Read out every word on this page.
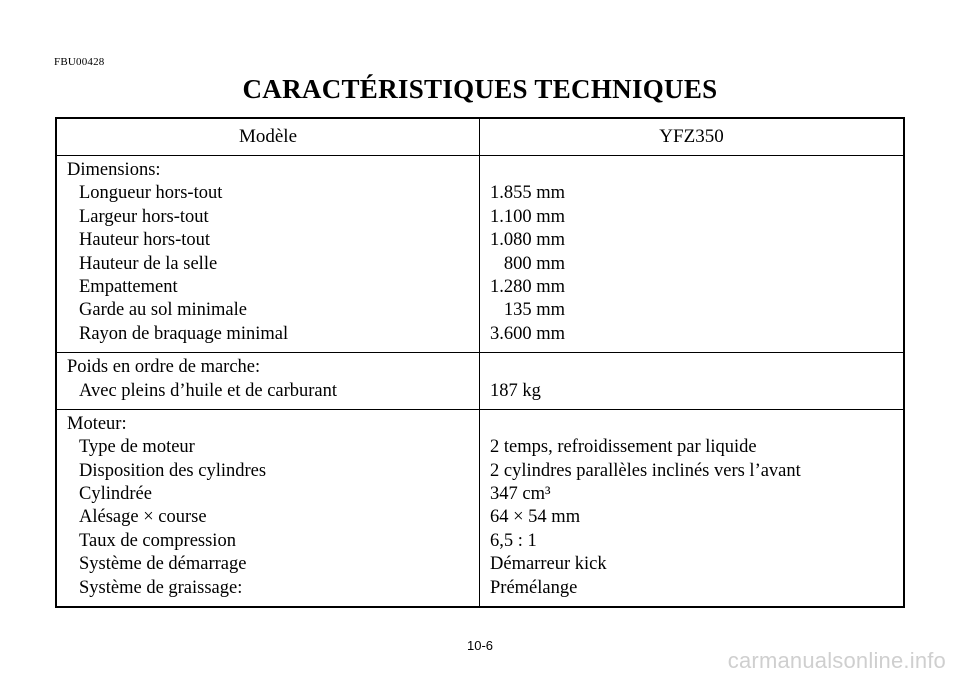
FBU00428
CARACTÉRISTIQUES TECHNIQUES
Modèle	YFZ350
Dimensions:
Longueur hors-tout
Largeur hors-tout
Hauteur hors-tout
Hauteur de la selle
Empattement
Garde au sol minimale
Rayon de braquage minimal
1.855 mm
1.100 mm
1.080 mm
800 mm
1.280 mm
135 mm
3.600 mm
Poids en ordre de marche:
Avec pleins d’huile et de carburant	187 kg
Moteur:
Type de moteur
Disposition des cylindres
Cylindrée
Alésage × course
Taux de compression
Système de démarrage
Système de graissage:
2 temps, refroidissement par liquide
2 cylindres parallèles inclinés vers l’avant
347 cm³
64 × 54 mm
6,5 : 1
Démarreur kick
Prémélange
10-6
carmanualsonline.info
